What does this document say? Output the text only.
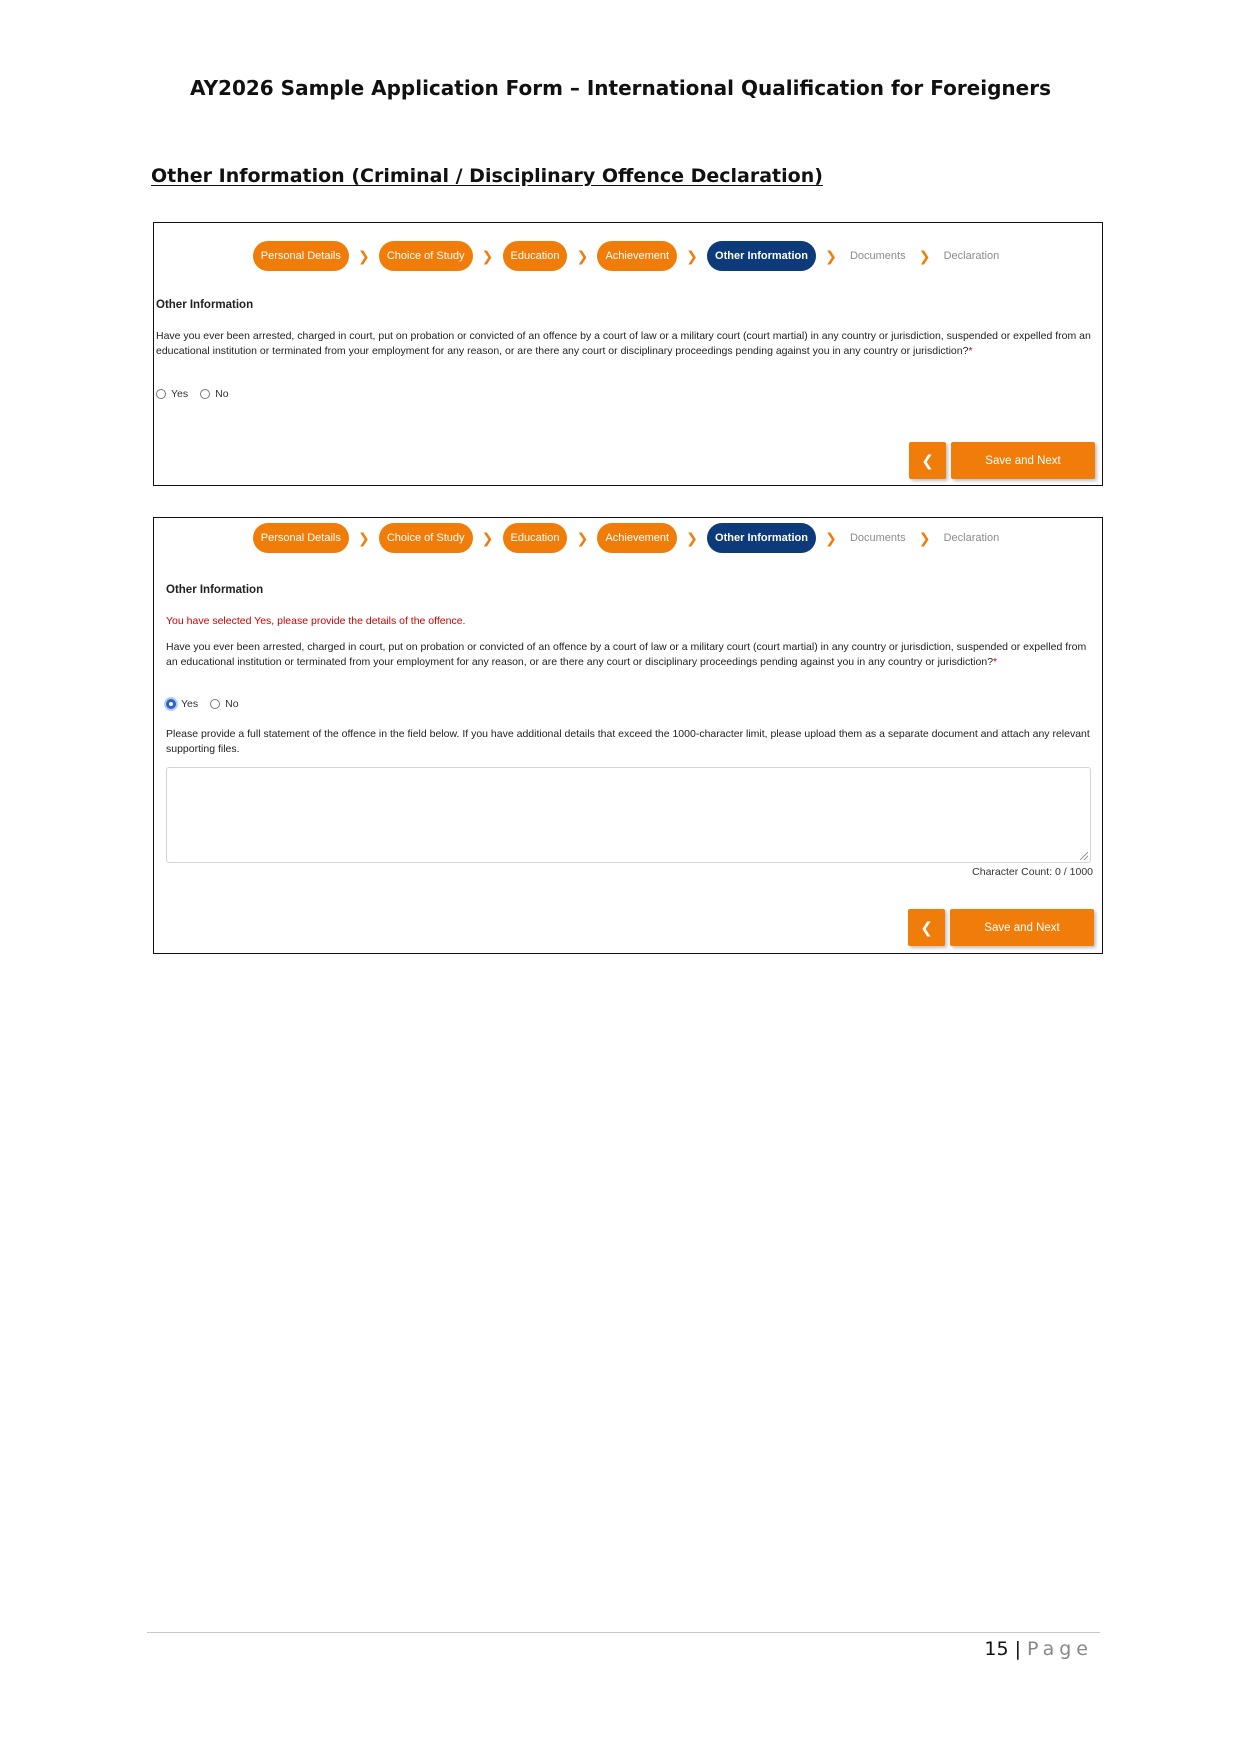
AY2026 Sample Application Form – International Qualification for Foreigners
Other Information (Criminal / Disciplinary Offence Declaration)
Personal Details	❯	Choice of Study	❯	Education	❯	Achievement	❯	Other Information	❯	Documents ❯	Declaration
Other Information
Have you ever been arrested, charged in court, put on probation or convicted of an offence by a court of law or a military court (court martial) in any country or jurisdiction, suspended or expelled from an educational institution or terminated from your employment for any reason, or are there any court or disciplinary proceedings pending against you in any country or jurisdiction?*
Yes	No
❮	Save and Next
Personal Details	❯	Choice of Study	❯	Education	❯	Achievement	❯	Other Information	❯	Documents ❯	Declaration
Other Information
You have selected Yes, please provide the details of the offence.
Have you ever been arrested, charged in court, put on probation or convicted of an offence by a court of law or a military court (court martial) in any country or jurisdiction, suspended or expelled from an educational institution or terminated from your employment for any reason, or are there any court or disciplinary proceedings pending against you in any country or jurisdiction?*
Yes	No
Please provide a full statement of the offence in the field below. If you have additional details that exceed the 1000-character limit, please upload them as a separate document and attach any relevant supporting files.
Character Count: 0 / 1000
❮	Save and Next
15 | Page
